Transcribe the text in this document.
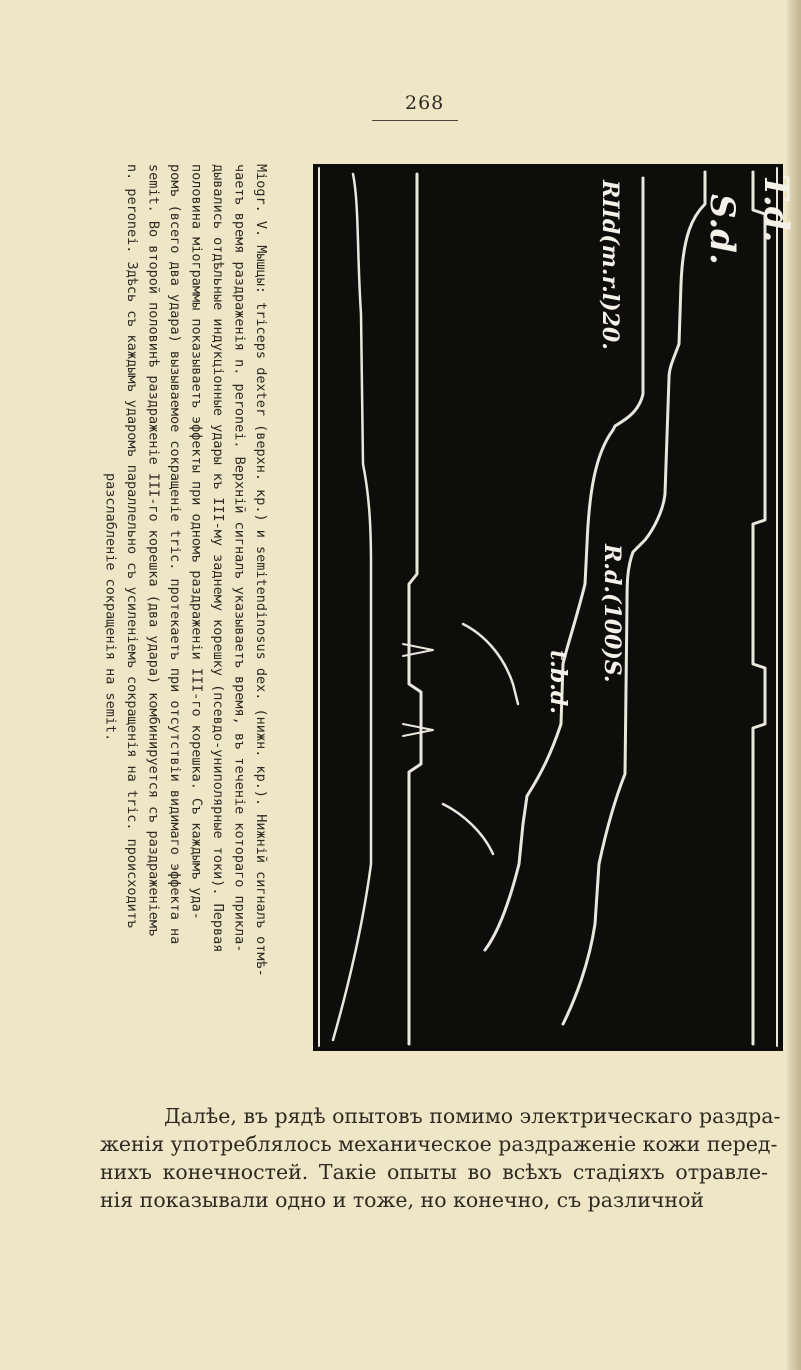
268
T.d.
S.d.
RIId(m.r.l)20.
R.d.(100)S.
t.b.d.
Miogr. V. Мышцы: triceps dexter (верхн. кр.) и semitendinosus dex. (нижн. кр.). Нижній сигналъ отмѣ-
чаетъ время раздраженія n. peronei. Верхній сигналъ указываетъ время, въ теченіе котораго прикла-
дывались отдѣльные индукціонные удары къ III-му заднему корешку (псевдо-униполярные токи). Первая
половина міограммы показываетъ эффекты при одномъ раздраженіи III-го корешка. Съ каждымъ уда-
ромъ (всего два удара) вызываемое сокращеніе tric. протекаетъ при отсутствіи видимаго эффекта на
semit. Во второй половинѣ раздраженіе III-го корешка (два удара) комбинируется съ раздраженіемъ
n. peronei. Здѣсь съ каждымъ ударомъ параллельно съ усиленіемъ сокращенія на tric. происходитъ
разслабленіе сокращенія на semit.
Далѣе, въ рядѣ опытовъ помимо электрическаго раздра-
женія употреблялось механическое раздраженіе кожи перед-
нихъ конечностей. Такіе опыты во всѣхъ стадіяхъ отравле-
нія показывали одно и тоже, но конечно, съ различной
